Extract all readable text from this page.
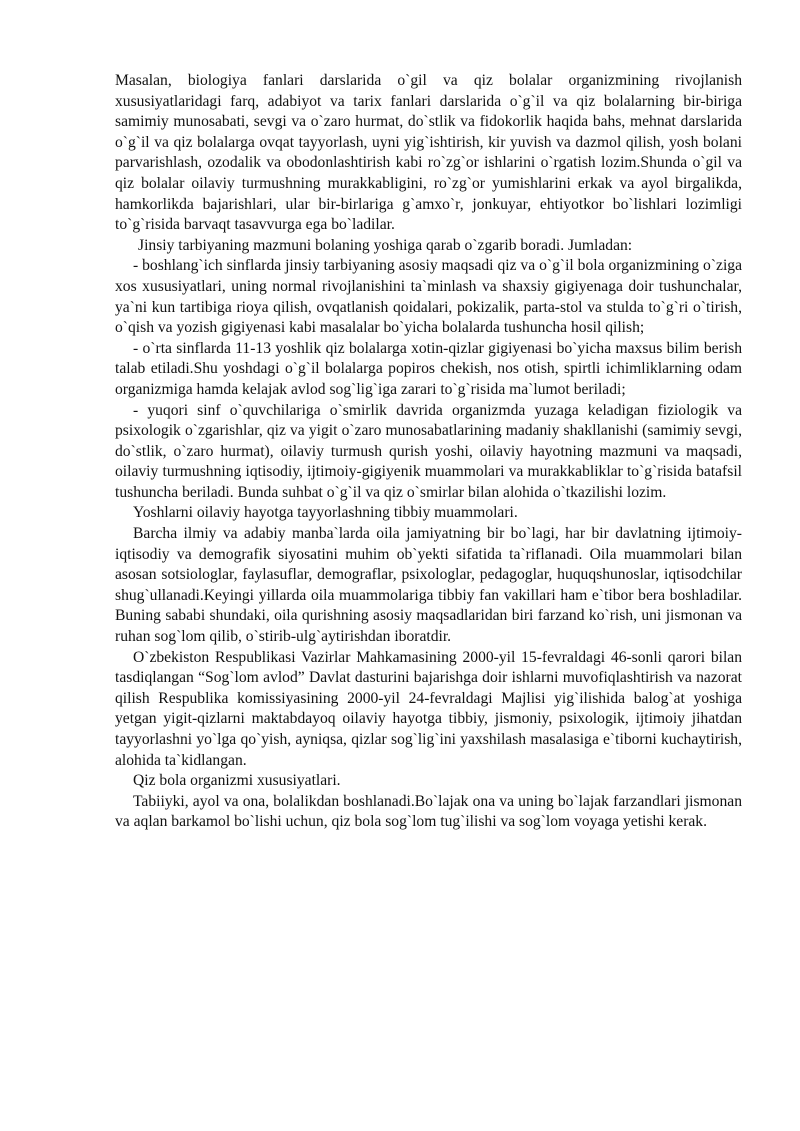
Masalan, biologiya fanlari darslarida o`gil va qiz bolalar organizmining rivojlanish xususiyatlaridagi farq, adabiyot va tarix fanlari darslarida o`g`il va qiz bolalarning bir-biriga samimiy munosabati, sevgi va o`zaro hurmat, do`stlik va fidokorlik haqida bahs, mehnat darslarida o`g`il va qiz bolalarga ovqat tayyorlash, uyni yig`ishtirish, kir yuvish va dazmol qilish, yosh bolani parvarishlash, ozodalik va obodonlashtirish kabi ro`zg`or ishlarini o`rgatish lozim.Shunda o`gil va qiz bolalar oilaviy turmushning murakkabligini, ro`zg`or yumishlarini erkak va ayol birgalikda, hamkorlikda bajarishlari, ular bir-birlariga g`amxo`r, jonkuyar, ehtiyotkor bo`lishlari lozimligi to`g`risida barvaqt tasavvurga ega bo`ladilar.

Jinsiy tarbiyaning mazmuni bolaning yoshiga qarab o`zgarib boradi. Jumladan:

- boshlang`ich sinflarda jinsiy tarbiyaning asosiy maqsadi qiz va o`g`il bola organizmining o`ziga xos xususiyatlari, uning normal rivojlanishini ta`minlash va shaxsiy gigiyenaga doir tushunchalar, ya`ni kun tartibiga rioya qilish, ovqatlanish qoidalari, pokizalik, parta-stol va stulda to`g`ri o`tirish, o`qish va yozish gigiyenasi kabi masalalar bo`yicha bolalarda tushuncha hosil qilish;

- o`rta sinflarda 11-13 yoshlik qiz bolalarga xotin-qizlar gigiyenasi bo`yicha maxsus bilim berish talab etiladi.Shu yoshdagi o`g`il bolalarga popiros chekish, nos otish, spirtli ichimliklarning odam organizmiga hamda kelajak avlod sog`lig`iga zarari to`g`risida ma`lumot beriladi;

- yuqori sinf o`quvchilariga o`smirlik davrida organizmda yuzaga keladigan fiziologik va psixologik o`zgarishlar, qiz va yigit o`zaro munosabatlarining madaniy shakllanishi (samimiy sevgi, do`stlik, o`zaro hurmat), oilaviy turmush qurish yoshi, oilaviy hayotning mazmuni va maqsadi, oilaviy turmushning iqtisodiy, ijtimoiy-gigiyenik muammolari va murakkabliklar to`g`risida batafsil tushuncha beriladi. Bunda suhbat o`g`il va qiz o`smirlar bilan alohida o`tkazilishi lozim.

Yoshlarni oilaviy hayotga tayyorlashning tibbiy muammolari.

Barcha ilmiy va adabiy manba`larda oila jamiyatning bir bo`lagi, har bir davlatning ijtimoiy-iqtisodiy va demografik siyosatini muhim ob`yekti sifatida ta`riflanadi. Oila muammolari bilan asosan sotsiologlar, faylasuflar, demograflar, psixologlar, pedagoglar, huquqshunoslar, iqtisodchilar shug`ullanadi.Keyingi yillarda oila muammolariga tibbiy fan vakillari ham e`tibor bera boshladilar. Buning sababi shundaki, oila qurishning asosiy maqsadlaridan biri farzand ko`rish, uni jismonan va ruhan sog`lom qilib, o`stirib-ulg`aytirishdan iboratdir.

O`zbekiston Respublikasi Vazirlar Mahkamasining 2000-yil 15-fevraldagi 46-sonli qarori bilan tasdiqlangan “Sog`lom avlod” Davlat dasturini bajarishga doir ishlarni muvofiqlashtirish va nazorat qilish Respublika komissiyasining 2000-yil 24-fevraldagi Majlisi yig`ilishida balog`at yoshiga yetgan yigit-qizlarni maktabdayoq oilaviy hayotga tibbiy, jismoniy, psixologik, ijtimoiy jihatdan tayyorlashni yo`lga qo`yish, ayniqsa, qizlar sog`lig`ini yaxshilash masalasiga e`tiborni kuchaytirish, alohida ta`kidlangan.

Qiz bola organizmi xususiyatlari.

Tabiiyki, ayol va ona, bolalikdan boshlanadi.Bo`lajak ona va uning bo`lajak farzandlari jismonan va aqlan barkamol bo`lishi uchun, qiz bola sog`lom tug`ilishi va sog`lom voyaga yetishi kerak.
